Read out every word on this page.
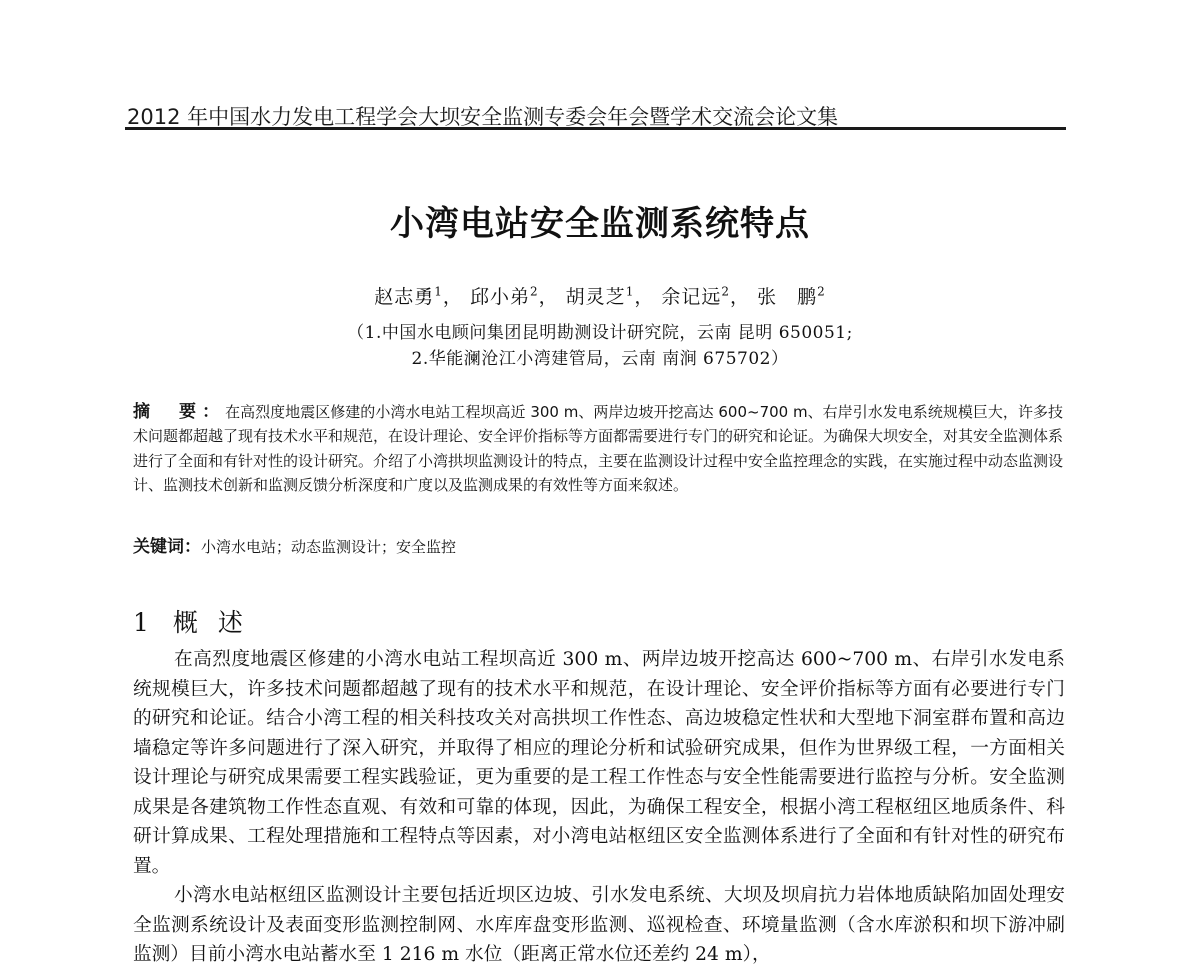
2012 年中国水力发电工程学会大坝安全监测专委会年会暨学术交流会论文集
小湾电站安全监测系统特点
赵志勇$^1$， 邱小弟$^2$， 胡灵芝$^1$， 余记远$^2$， 张　鹏$^2$
（1.中国水电顾问集团昆明勘测设计研究院，云南 昆明 650051;
2.华能澜沧江小湾建管局，云南 南涧 675702）
摘　要：在高烈度地震区修建的小湾水电站工程坝高近 300 m、两岸边坡开挖高达 600~700 m、右岸引水发电系统规模巨大，许多技术问题都超越了现有技术水平和规范，在设计理论、安全评价指标等方面都需要进行专门的研究和论证。为确保大坝安全，对其安全监测体系进行了全面和有针对性的设计研究。介绍了小湾拱坝监测设计的特点，主要在监测设计过程中安全监控理念的实践，在实施过程中动态监测设计、监测技术创新和监测反馈分析深度和广度以及监测成果的有效性等方面来叙述。
关键词：小湾水电站；动态监测设计；安全监控
1 概述

在高烈度地震区修建的小湾水电站工程坝高近 300 m、两岸边坡开挖高达 600~700 m、右岸引水发电系统规模巨大，许多技术问题都超越了现有的技术水平和规范，在设计理论、安全评价指标等方面有必要进行专门的研究和论证。结合小湾工程的相关科技攻关对高拱坝工作性态、高边坡稳定性状和大型地下洞室群布置和高边墙稳定等许多问题进行了深入研究，并取得了相应的理论分析和试验研究成果，但作为世界级工程，一方面相关设计理论与研究成果需要工程实践验证，更为重要的是工程工作性态与安全性能需要进行监控与分析。安全监测成果是各建筑物工作性态直观、有效和可靠的体现，因此，为确保工程安全，根据小湾工程枢纽区地质条件、科研计算成果、工程处理措施和工程特点等因素，对小湾电站枢纽区安全监测体系进行了全面和有针对性的研究布置。

小湾水电站枢纽区监测设计主要包括近坝区边坡、引水发电系统、大坝及坝肩抗力岩体地质缺陷加固处理安全监测系统设计及表面变形监测控制网、水库库盘变形监测、巡视检查、环境量监测（含水库淤积和坝下游冲刷监测）目前小湾水电站蓄水至 1 216 m 水位（距离正常水位还差约 24 m），
